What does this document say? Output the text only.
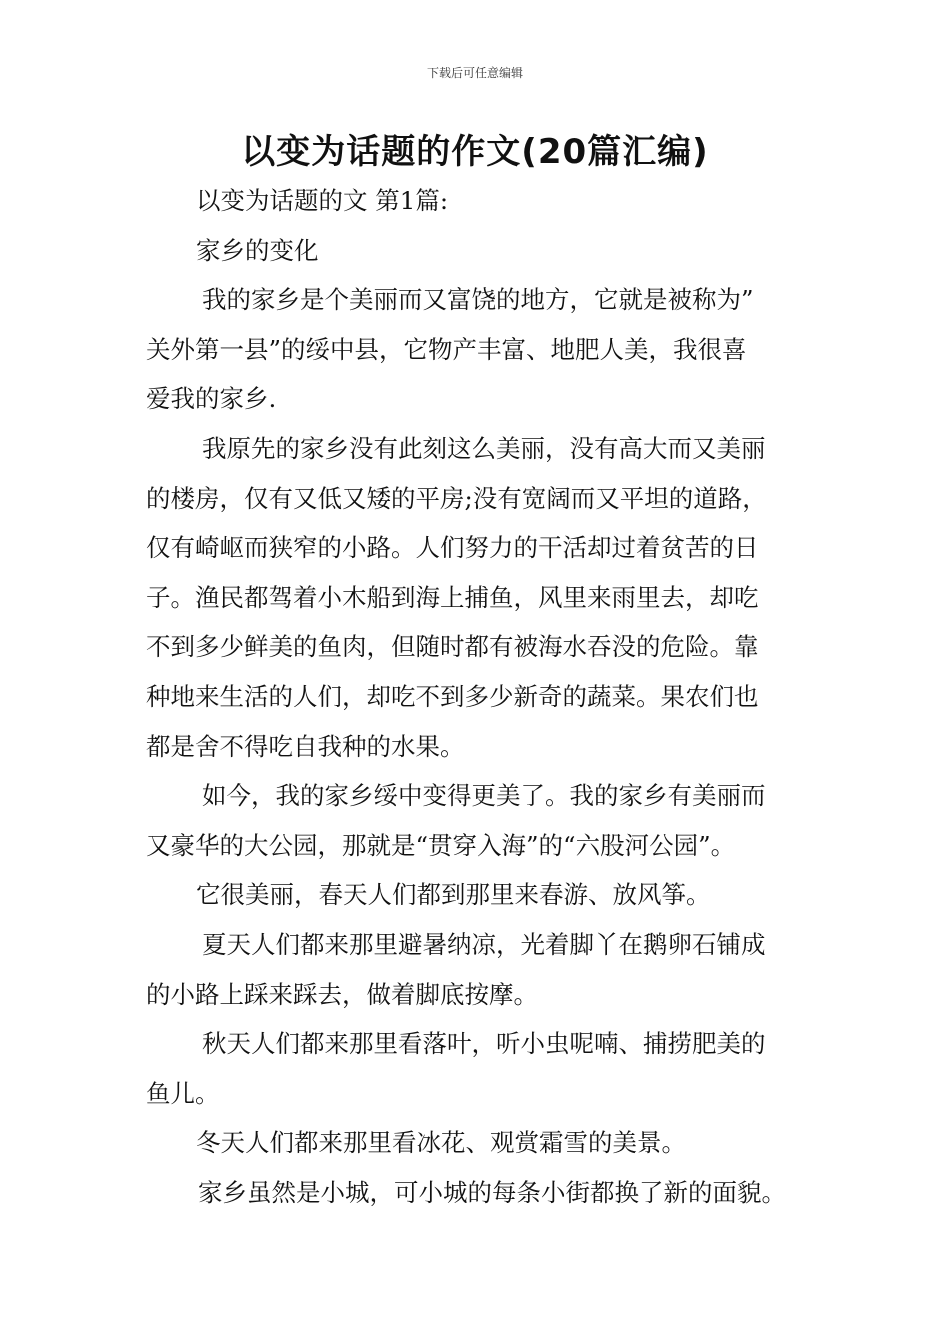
下载后可任意编辑
以变为话题的作文(20篇汇编)

以变为话题的文 第1篇:

家乡的变化

我的家乡是个美丽而又富饶的地方，它就是被称为”

关外第一县”的绥中县，它物产丰富、地肥人美，我很喜

爱我的家乡.

我原先的家乡没有此刻这么美丽，没有高大而又美丽

的楼房，仅有又低又矮的平房;没有宽阔而又平坦的道路，

仅有崎岖而狭窄的小路。人们努力的干活却过着贫苦的日

子。渔民都驾着小木船到海上捕鱼，风里来雨里去，却吃

不到多少鲜美的鱼肉，但随时都有被海水吞没的危险。靠

种地来生活的人们，却吃不到多少新奇的蔬菜。果农们也

都是舍不得吃自我种的水果。

如今，我的家乡绥中变得更美了。我的家乡有美丽而

又豪华的大公园，那就是“贯穿入海”的“六股河公园”。

它很美丽，春天人们都到那里来春游、放风筝。

夏天人们都来那里避暑纳凉，光着脚丫在鹅卵石铺成

的小路上踩来踩去，做着脚底按摩。

秋天人们都来那里看落叶，听小虫呢喃、捕捞肥美的

鱼儿。

冬天人们都来那里看冰花、观赏霜雪的美景。

家乡虽然是小城，可小城的每条小街都换了新的面貌。
